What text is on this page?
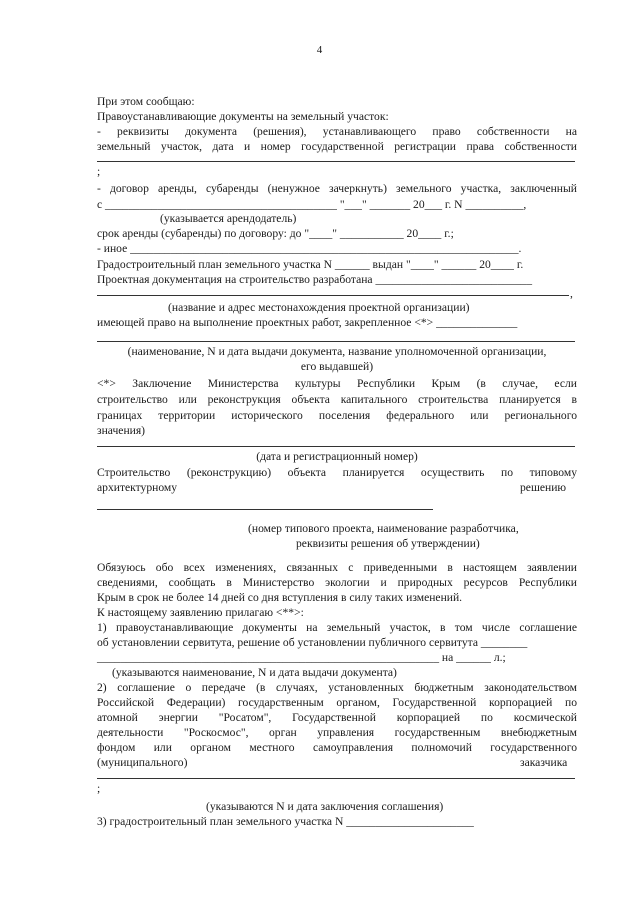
4
При этом сообщаю:
Правоустанавливающие документы на земельный участок:
- реквизиты документа (решения), устанавливающего право собственности на
земельный участок, дата и номер государственной регистрации права собственности
;
- договор аренды, субаренды (ненужное зачеркнуть) земельного участка, заключенный
с ________________________________________ "___" _______ 20___ г. N __________,
(указывается арендодатель)
срок аренды (субаренды) по договору: до "____" ___________ 20____ г.;
- иное ___________________________________________________________________.
Градостроительный план земельного участка N ______ выдан "____" ______ 20____ г.
Проектная документация на строительство разработана ___________________________
,
(название и адрес местонахождения проектной организации)
имеющей право на выполнение проектных работ, закрепленное <*> ______________
(наименование, N и дата выдачи документа, название уполномоченной организации,
его выдавшей)
<*> Заключение Министерства культуры Республики Крым (в случае, если
строительство или реконструкция объекта капитального строительства планируется в
границах территории исторического поселения федерального или регионального
значения)
(дата и регистрационный номер)
Строительство (реконструкцию) объекта планируется осуществить по типовому
архитектурному	решению
(номер типового проекта, наименование разработчика,
реквизиты решения об утверждении)
Обязуюсь обо всех изменениях, связанных с приведенными в настоящем заявлении
сведениями, сообщать в Министерство экологии и природных ресурсов Республики
Крым в срок не более 14 дней со дня вступления в силу таких изменений.
К настоящему заявлению прилагаю <**>:
1) правоустанавливающие документы на земельный участок, в том числе соглашение
об установлении сервитута, решение об установлении публичного сервитута ________
___________________________________________________________ на ______ л.;
(указываются наименование, N и дата выдачи документа)
2) соглашение о передаче (в случаях, установленных бюджетным законодательством
Российской Федерации) государственным органом, Государственной корпорацией по
атомной энергии "Росатом", Государственной корпорацией по космической
деятельности "Роскосмос", орган управления государственным внебюджетным
фондом или органом местного самоуправления полномочий государственного
(муниципального)	заказчика
;
(указываются N и дата заключения соглашения)
3) градостроительный план земельного участка N ______________________
